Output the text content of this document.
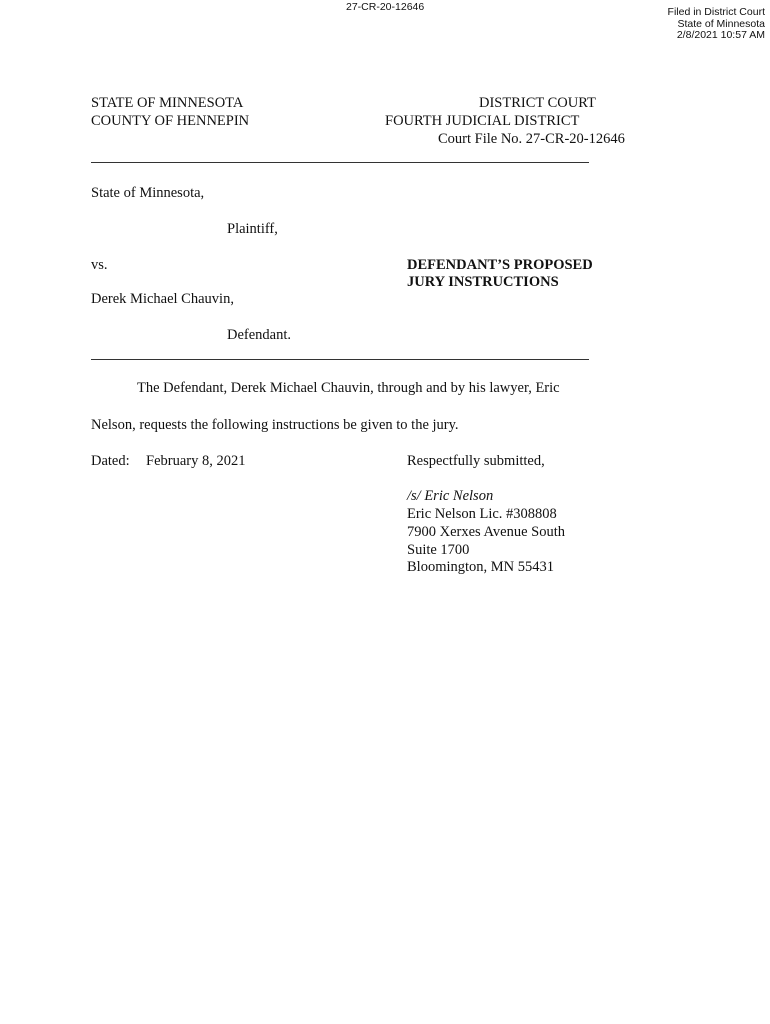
27-CR-20-12646	Filed in District Court
State of Minnesota
2/8/2021 10:57 AM
STATE OF MINNESOTA
COUNTY OF HENNEPIN
DISTRICT COURT
FOURTH JUDICIAL DISTRICT
Court File No. 27-CR-20-12646
State of Minnesota,
Plaintiff,
vs.
Derek Michael Chauvin,
Defendant.
DEFENDANT’S PROPOSED
JURY INSTRUCTIONS
The Defendant, Derek Michael Chauvin, through and by his lawyer, Eric
Nelson, requests the following instructions be given to the jury.
Dated: February 8, 2021	Respectfully submitted,
/s/ Eric Nelson
Eric Nelson Lic. #308808
7900 Xerxes Avenue South
Suite 1700
Bloomington, MN 55431
